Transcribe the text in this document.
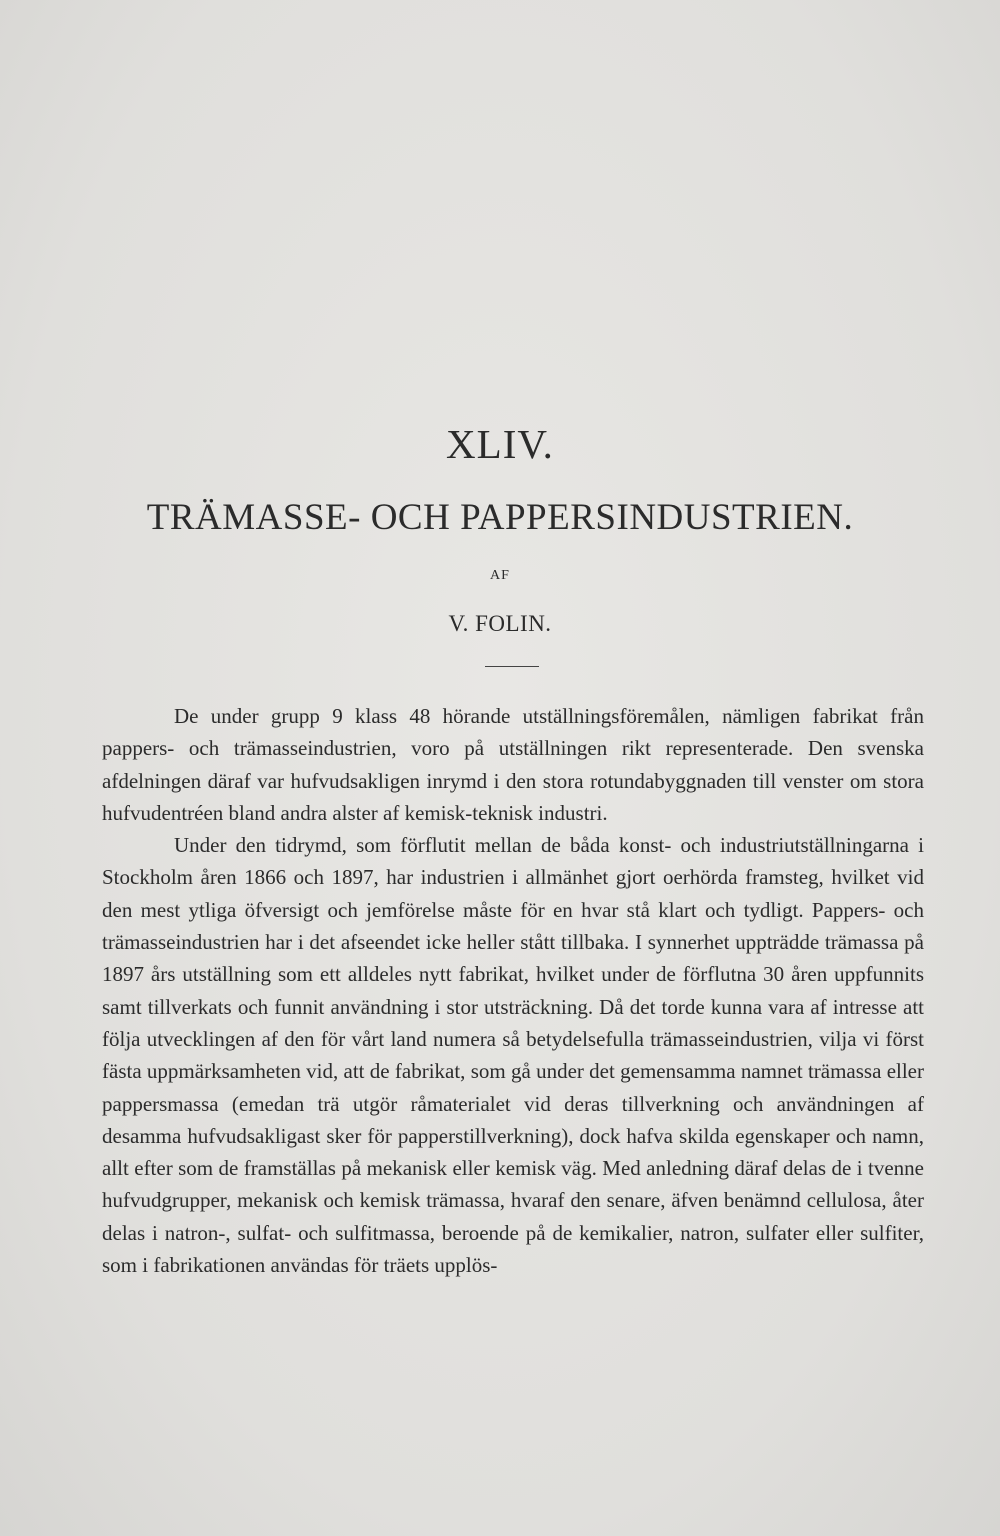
XLIV.
TRÄMASSE- OCH PAPPERSINDUSTRIEN.
AF
V. FOLIN.

De under grupp 9 klass 48 hörande utställningsföremålen, nämligen fabrikat från pappers- och trämasseindustrien, voro på utställningen rikt representerade. Den svenska afdelningen däraf var hufvudsakligen inrymd i den stora rotundabyggnaden till venster om stora hufvudentréen bland andra alster af kemisk-teknisk industri.

Under den tidrymd, som förflutit mellan de båda konst- och industriutställningarna i Stockholm åren 1866 och 1897, har industrien i allmänhet gjort oerhörda framsteg, hvilket vid den mest ytliga öfversigt och jemförelse måste för en hvar stå klart och tydligt. Pappers- och trämasseindustrien har i det afseendet icke heller stått tillbaka. I synnerhet uppträdde trämassa på 1897 års utställning som ett alldeles nytt fabrikat, hvilket under de förflutna 30 åren uppfunnits samt tillverkats och funnit användning i stor utsträckning. Då det torde kunna vara af intresse att följa utvecklingen af den för vårt land numera så betydelsefulla trämasseindustrien, vilja vi först fästa uppmärksamheten vid, att de fabrikat, som gå under det gemensamma namnet trämassa eller pappersmassa (emedan trä utgör råmaterialet vid deras tillverkning och användningen af desamma hufvudsakligast sker för papperstillverkning), dock hafva skilda egenskaper och namn, allt efter som de framställas på mekanisk eller kemisk väg. Med anledning däraf delas de i tvenne hufvudgrupper, mekanisk och kemisk trämassa, hvaraf den senare, äfven benämnd cellulosa, åter delas i natron-, sulfat- och sulfitmassa, beroende på de kemikalier, natron, sulfater eller sulfiter, som i fabrikationen användas för träets upplös-
